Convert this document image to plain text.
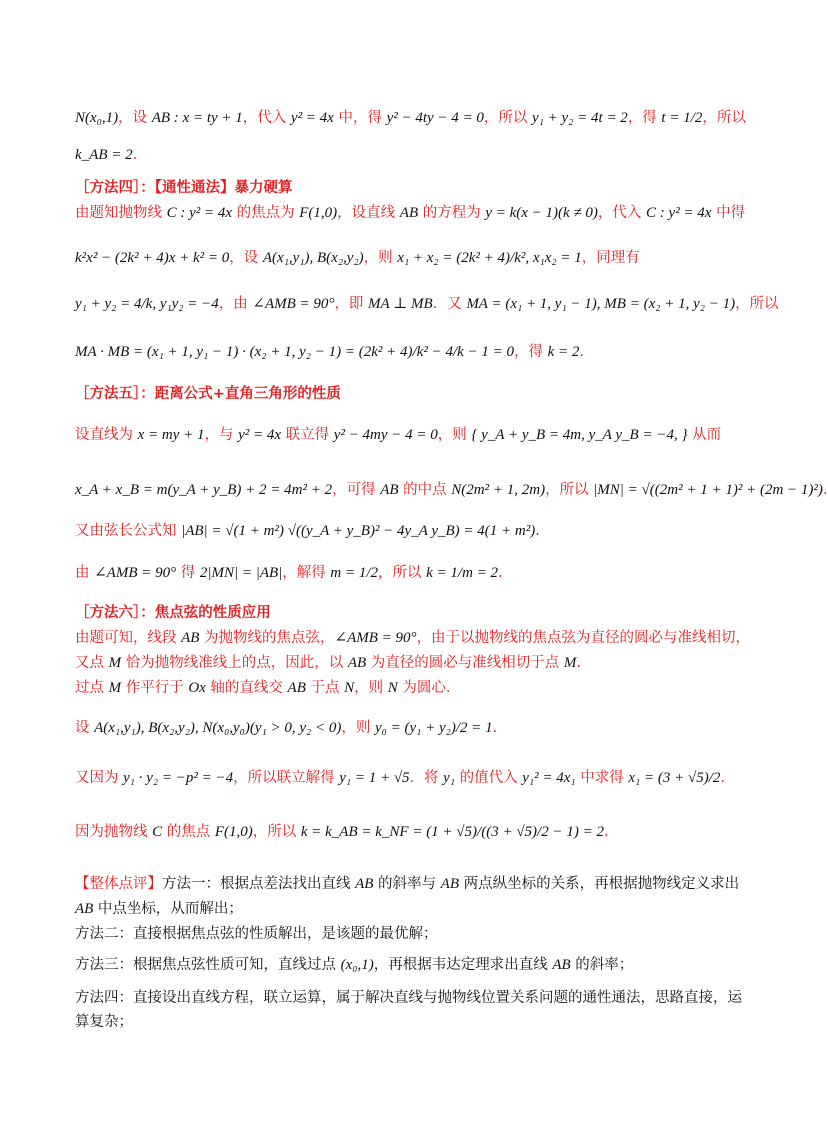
N(x₀,1)，设 AB : x = ty + 1，代入 y² = 4x 中，得 y² − 4ty − 4 = 0，所以 y₁ + y₂ = 4t = 2，得 t = 1/2，所以
k_AB = 2.
［方法四］：【通性通法】暴力硬算
由题知抛物线 C : y² = 4x 的焦点为 F(1,0)，设直线 AB 的方程为 y = k(x − 1)(k ≠ 0)，代入 C : y² = 4x 中得
k²x² − (2k² + 4)x + k² = 0，设 A(x₁,y₁), B(x₂,y₂)，则 x₁ + x₂ = (2k² + 4)/k², x₁x₂ = 1，同理有
y₁ + y₂ = 4/k, y₁y₂ = −4，由 ∠AMB = 90°，即 MA ⊥ MB．又 MA = (x₁ + 1, y₁ − 1), MB = (x₂ + 1, y₂ − 1)，所以
MA · MB = (x₁ + 1, y₁ − 1) · (x₂ + 1, y₂ − 1) = (2k² + 4)/k² − 4/k − 1 = 0，得 k = 2.
［方法五］：距离公式+直角三角形的性质
设直线为 x = my + 1，与 y² = 4x 联立得 y² − 4my − 4 = 0，则 { y_A + y_B = 4m, y_A y_B = −4, } 从而
x_A + x_B = m(y_A + y_B) + 2 = 4m² + 2，可得 AB 的中点 N(2m² + 1, 2m)，所以 |MN| = √((2m² + 1 + 1)² + (2m − 1)²).
又由弦长公式知 |AB| = √(1 + m²) √((y_A + y_B)² − 4y_A y_B) = 4(1 + m²).
由 ∠AMB = 90° 得 2|MN| = |AB|，解得 m = 1/2，所以 k = 1/m = 2.
［方法六］：焦点弦的性质应用
由题可知，线段 AB 为抛物线的焦点弦，∠AMB = 90°，由于以抛物线的焦点弦为直径的圆必与准线相切，
又点 M 恰为抛物线准线上的点，因此，以 AB 为直径的圆必与准线相切于点 M.
过点 M 作平行于 Ox 轴的直线交 AB 于点 N，则 N 为圆心.
设 A(x₁,y₁), B(x₂,y₂), N(x₀,y₀)(y₁ > 0, y₂ < 0)，则 y₀ = (y₁ + y₂)/2 = 1.
又因为 y₁ · y₂ = −p² = −4，所以联立解得 y₁ = 1 + √5．将 y₁ 的值代入 y₁² = 4x₁ 中求得 x₁ = (3 + √5)/2.
因为抛物线 C 的焦点 F(1,0)，所以 k = k_AB = k_NF = (1 + √5)/((3 + √5)/2 − 1) = 2.
【整体点评】方法一：根据点差法找出直线 AB 的斜率与 AB 两点纵坐标的关系，再根据抛物线定义求出
AB 中点坐标，从而解出；
方法二：直接根据焦点弦的性质解出，是该题的最优解；
方法三：根据焦点弦性质可知，直线过点 (x₀,1)，再根据韦达定理求出直线 AB 的斜率；
方法四：直接设出直线方程，联立运算，属于解决直线与抛物线位置关系问题的通性通法，思路直接，运
算复杂；
